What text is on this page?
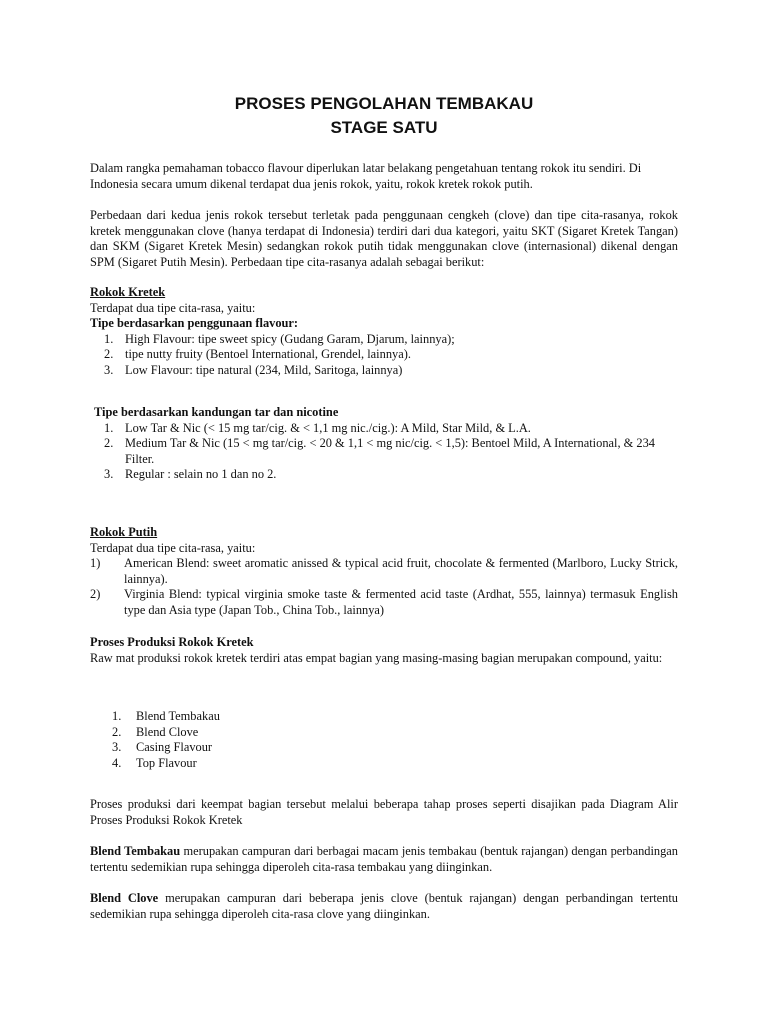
PROSES PENGOLAHAN TEMBAKAU
STAGE SATU
Dalam rangka pemahaman tobacco flavour diperlukan latar belakang pengetahuan tentang rokok itu sendiri. Di Indonesia secara umum dikenal terdapat dua jenis rokok, yaitu, rokok kretek rokok putih.
Perbedaan dari kedua jenis rokok tersebut terletak pada penggunaan cengkeh (clove) dan tipe cita-rasanya, rokok kretek menggunakan clove (hanya terdapat di Indonesia) terdiri dari dua kategori, yaitu SKT (Sigaret Kretek Tangan) dan SKM (Sigaret Kretek Mesin) sedangkan rokok putih tidak menggunakan clove (internasional) dikenal dengan SPM (Sigaret Putih Mesin). Perbedaan tipe cita-rasanya adalah sebagai berikut:
Rokok Kretek
Terdapat dua tipe cita-rasa, yaitu:
Tipe berdasarkan penggunaan flavour:
1. High Flavour: tipe sweet spicy (Gudang Garam, Djarum, lainnya);
2. tipe nutty fruity (Bentoel International, Grendel, lainnya).
3. Low Flavour: tipe natural (234, Mild, Saritoga, lainnya)
Tipe berdasarkan kandungan tar dan nicotine
1. Low Tar & Nic (< 15 mg tar/cig. & < 1,1 mg nic./cig.): A Mild, Star Mild, & L.A.
2. Medium Tar & Nic (15 < mg tar/cig. < 20 & 1,1 < mg nic/cig. < 1,5): Bentoel Mild, A International, & 234 Filter.
3. Regular : selain no 1 dan no 2.
Rokok Putih
Terdapat dua tipe cita-rasa, yaitu:
1) American Blend: sweet aromatic anissed & typical acid fruit, chocolate & fermented (Marlboro, Lucky Strick, lainnya).
2) Virginia Blend: typical virginia smoke taste & fermented acid taste (Ardhat, 555, lainnya) termasuk English type dan Asia type (Japan Tob., China Tob., lainnya)
Proses Produksi Rokok Kretek
Raw mat produksi rokok kretek terdiri atas empat bagian yang masing-masing bagian merupakan compound, yaitu:
1.	Blend Tembakau
2.	Blend Clove
3.	Casing Flavour
4.	Top Flavour
Proses produksi dari keempat bagian tersebut melalui beberapa tahap proses seperti disajikan pada Diagram Alir Proses Produksi Rokok Kretek
Blend Tembakau merupakan campuran dari berbagai macam jenis tembakau (bentuk rajangan) dengan perbandingan tertentu sedemikian rupa sehingga diperoleh cita-rasa tembakau yang diinginkan.
Blend Clove merupakan campuran dari beberapa jenis clove (bentuk rajangan) dengan perbandingan tertentu sedemikian rupa sehingga diperoleh cita-rasa clove yang diinginkan.
